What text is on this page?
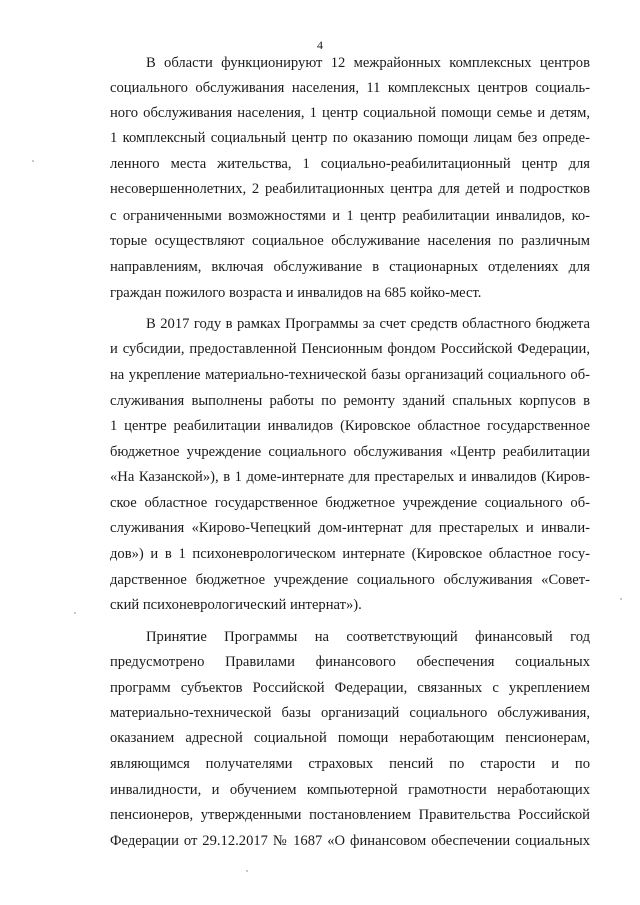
4
В области функционируют 12 межрайонных комплексных центров
социального обслуживания населения, 11 комплексных центров социаль-
ного обслуживания населения, 1 центр социальной помощи семье и детям,
1 комплексный социальный центр по оказанию помощи лицам без опреде-
ленного места жительства, 1 социально-реабилитационный центр для
несовершеннолетних, 2 реабилитационных центра для детей и подростков
с ограниченными возможностями и 1 центр реабилитации инвалидов, ко-
торые осуществляют социальное обслуживание населения по различным
направлениям, включая обслуживание в стационарных отделениях для
граждан пожилого возраста и инвалидов на 685 койко-мест.
В 2017 году в рамках Программы за счет средств областного бюджета
и субсидии, предоставленной Пенсионным фондом Российской Федерации,
на укрепление материально-технической базы организаций социального об-
служивания выполнены работы по ремонту зданий спальных корпусов в
1 центре реабилитации инвалидов (Кировское областное государственное
бюджетное учреждение социального обслуживания «Центр реабилитации
«На Казанской»), в 1 доме-интернате для престарелых и инвалидов (Киров-
ское областное государственное бюджетное учреждение социального об-
служивания «Кирово-Чепецкий дом-интернат для престарелых и инвали-
дов») и в 1 психоневрологическом интернате (Кировское областное госу-
дарственное бюджетное учреждение социального обслуживания «Совет-
ский психоневрологический интернат»).
Принятие Программы на соответствующий финансовый год
предусмотрено Правилами финансового обеспечения социальных
программ субъектов Российской Федерации, связанных с укреплением
материально-технической базы организаций социального обслуживания,
оказанием адресной социальной помощи неработающим пенсионерам,
являющимся получателями страховых пенсий по старости и по
инвалидности, и обучением компьютерной грамотности неработающих
пенсионеров, утвержденными постановлением Правительства Российской
Федерации от 29.12.2017 № 1687 «О финансовом обеспечении социальных
